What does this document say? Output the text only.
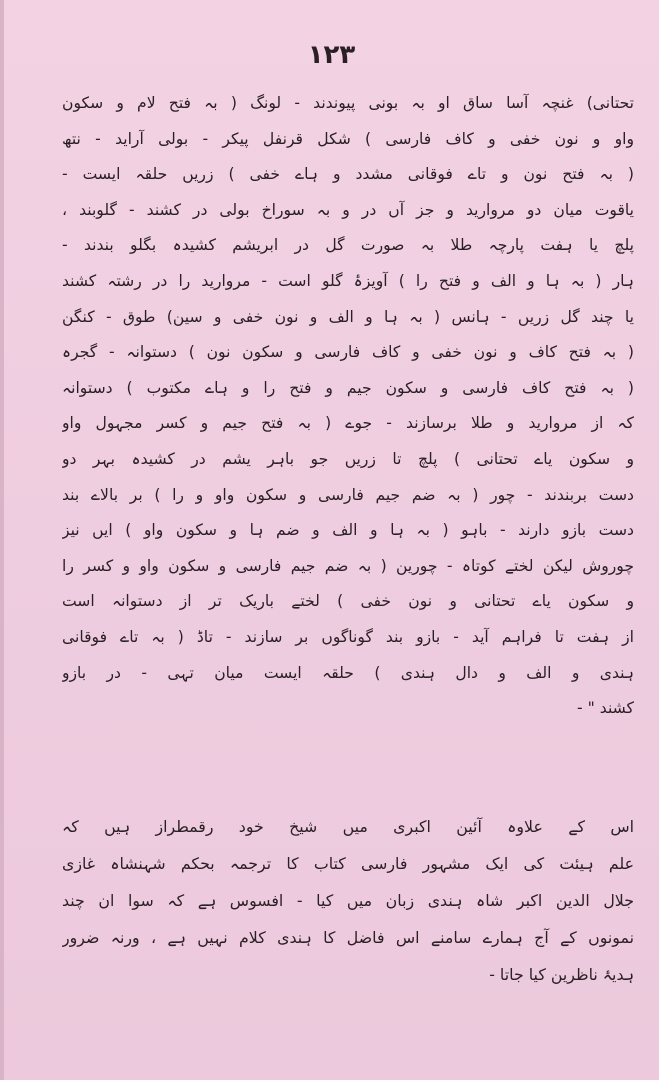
۱۲۳
تحتانی) غنچہ آسا ساق او بہ بونی پیوندند - لونگ ( بہ فتح لام و سکون
واو و نون خفی و کاف فارسی ) شکل قرنفل پیکر - بولی آراید - نتھ
( بہ فتح نون و تاے فوقانی مشدد و ہاے خفی ) زریں حلقہ ایست -
یاقوت میان دو مروارید و جز آں در و بہ سوراخ بولی در کشند - گلوبند ،
پلچ یا ہفت پارچہ طلا بہ صورت گل در ابریشم کشیدہ بگلو بندند -
ہار ( بہ ہا و الف و فتح را ) آویزۂ گلو است - مروارید را در رشتہ کشند
یا چند گل زریں - ہانس ( بہ ہا و الف و نون خفی و سین) طوق - کنگن
( بہ فتح کاف و نون خفی و کاف فارسی و سکون نون ) دستوانہ - گجرہ
( بہ فتح کاف فارسی و سکون جیم و فتح را و ہاے مکتوب ) دستوانہ
کہ از مروارید و طلا برسازند - جوے ( بہ فتح جیم و کسر مجہول واو
و سکون یاے تحتانی ) پلچ تا زریں جو باہر یشم در کشیدہ بہر دو
دست بربندند - چور ( بہ ضم جیم فارسی و سکون واو و را ) بر بالاے بند
دست بازو دارند - باہو ( بہ ہا و الف و ضم ہا و سکون واو ) ایں نیز
چوروش لیکن لختے کوتاہ - چورین ( بہ ضم جیم فارسی و سکون واو و کسر را
و سکون یاے تحتانی و نون خفی ) لختے باریک تر از دستوانہ است
از ہفت تا فراہم آید - بازو بند گوناگوں بر سازند - تاڈ ( بہ تاے فوقانی
ہندی و الف و دال ہندی ) حلقہ ایست میان تہی - در بازو
کشند " -
اس کے علاوہ آئین اکبری میں شیخ خود رقمطراز ہیں کہ
علم ہیئت کی ایک مشہور فارسی کتاب کا ترجمہ بحکم شہنشاہ غازی
جلال الدین اکبر شاہ ہندی زبان میں کیا - افسوس ہے کہ سوا ان چند
نمونوں کے آج ہمارے سامنے اس فاضل کا ہندی کلام نہیں ہے ، ورنہ ضرور
ہدیۂ ناظرین کیا جاتا -
